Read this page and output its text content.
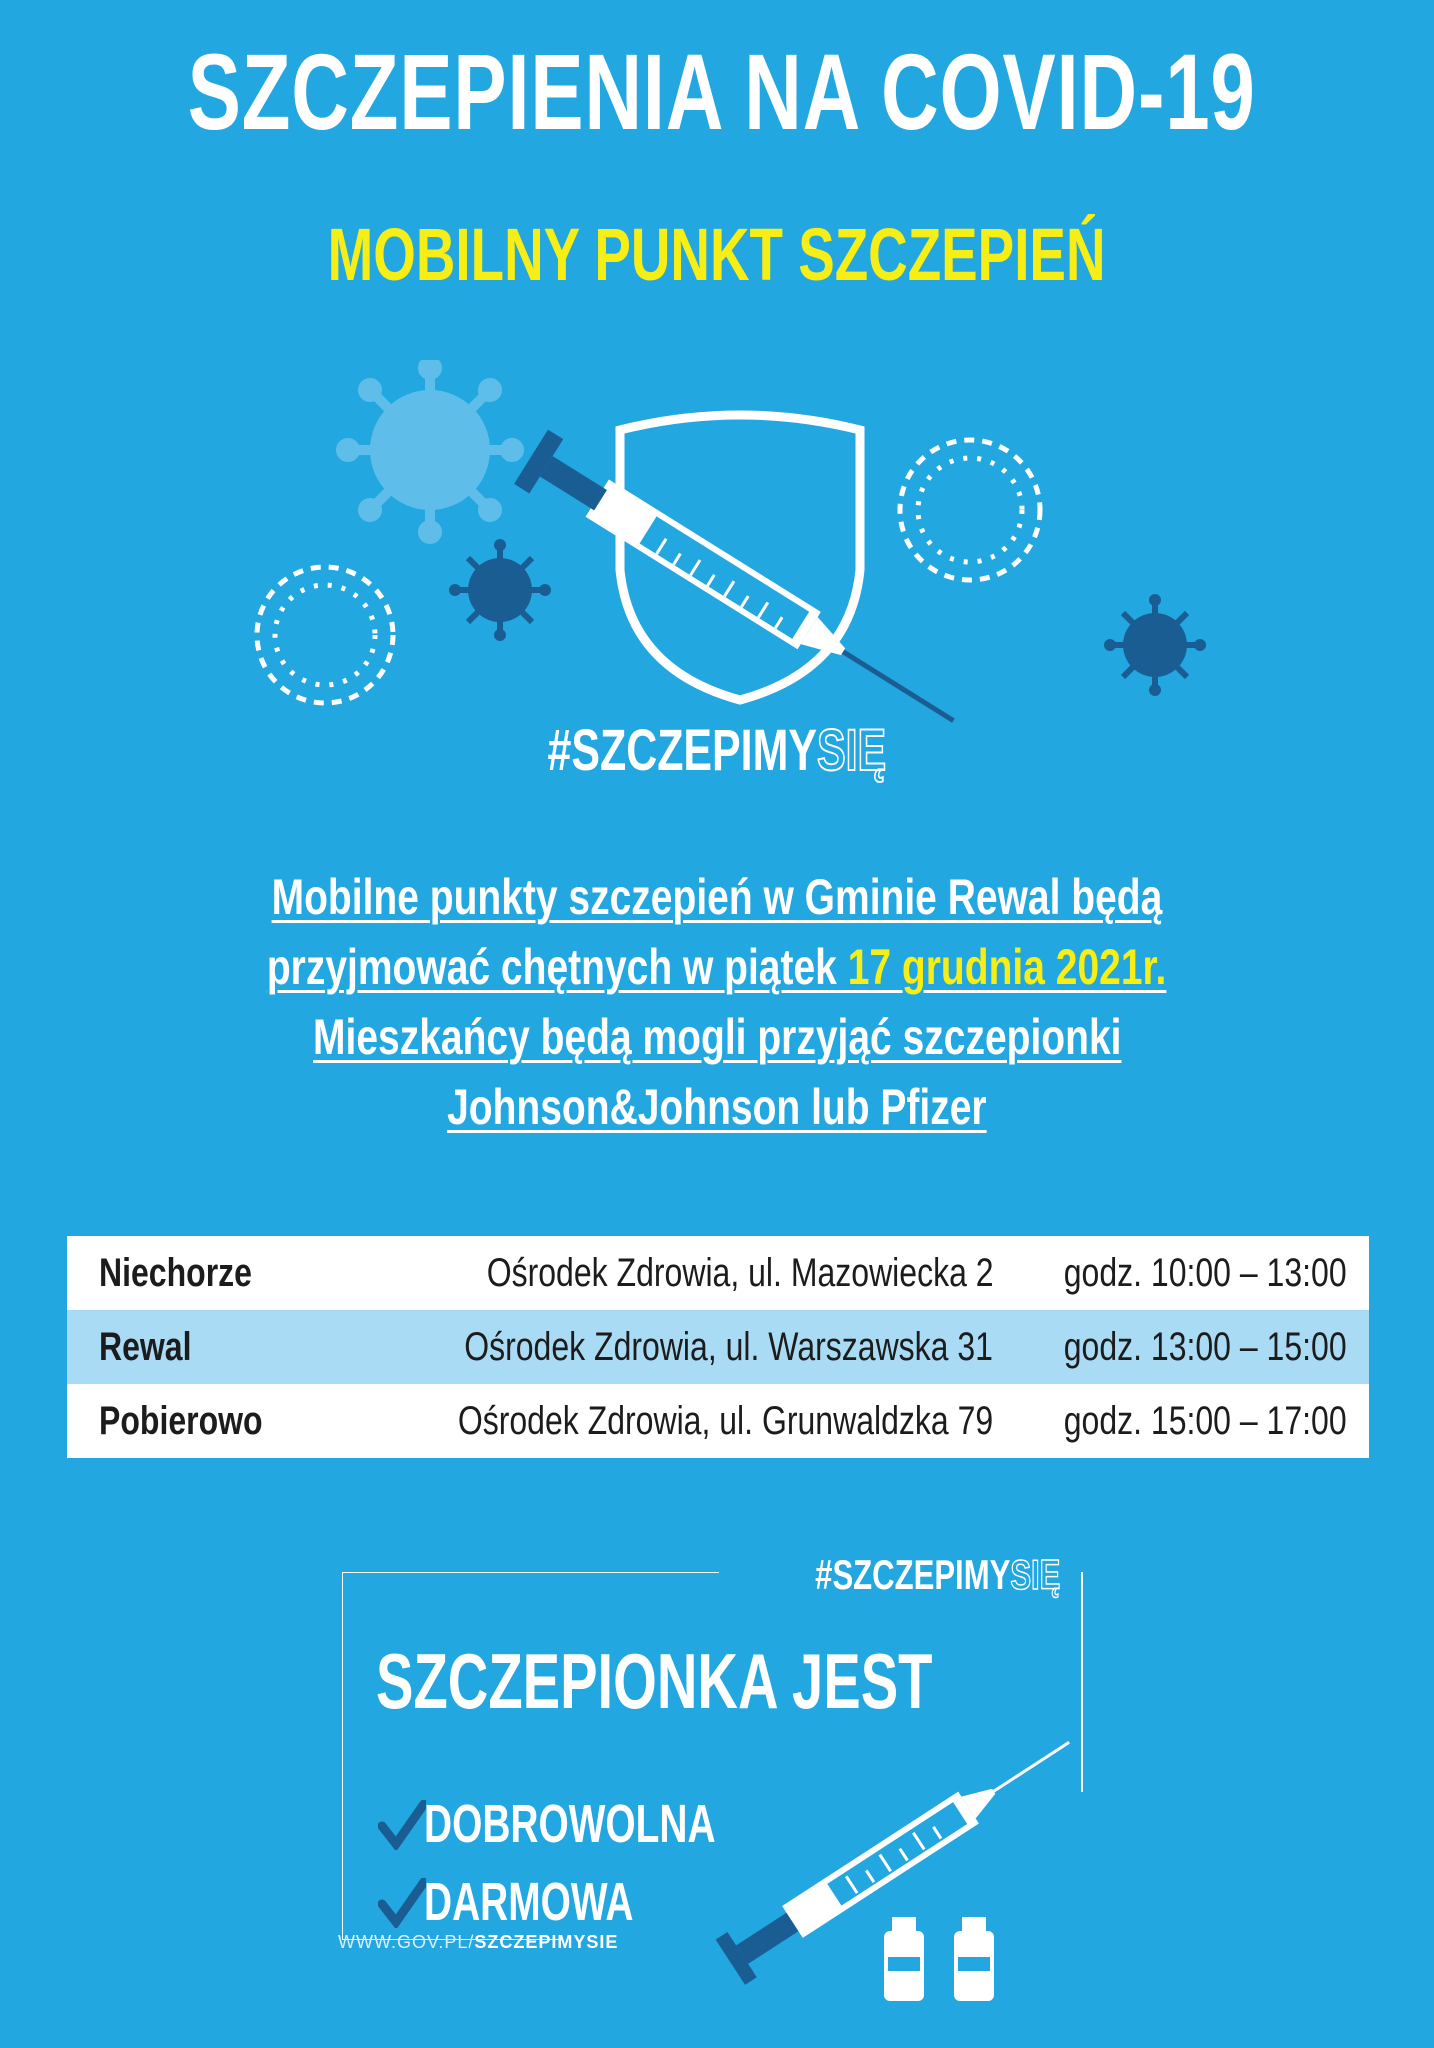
SZCZEPIENIA NA COVID-19
MOBILNY PUNKT SZCZEPIEŃ
#SZCZEPIMYSIĘ
Mobilne punkty szczepień w Gminie Rewal będą
przyjmować chętnych w piątek 17 grudnia 2021r.
Mieszkańcy będą mogli przyjąć szczepionki
Johnson&Johnson lub Pfizer
Niechorze	Ośrodek Zdrowia, ul. Mazowiecka 2	godz. 10:00 – 13:00
Rewal	Ośrodek Zdrowia, ul. Warszawska 31	godz. 13:00 – 15:00
Pobierowo	Ośrodek Zdrowia, ul. Grunwaldzka 79	godz. 15:00 – 17:00
#SZCZEPIMYSIĘ
SZCZEPIONKA JEST
DOBROWOLNA
DARMOWA
WWW.GOV.PL/SZCZEPIMYSIE
